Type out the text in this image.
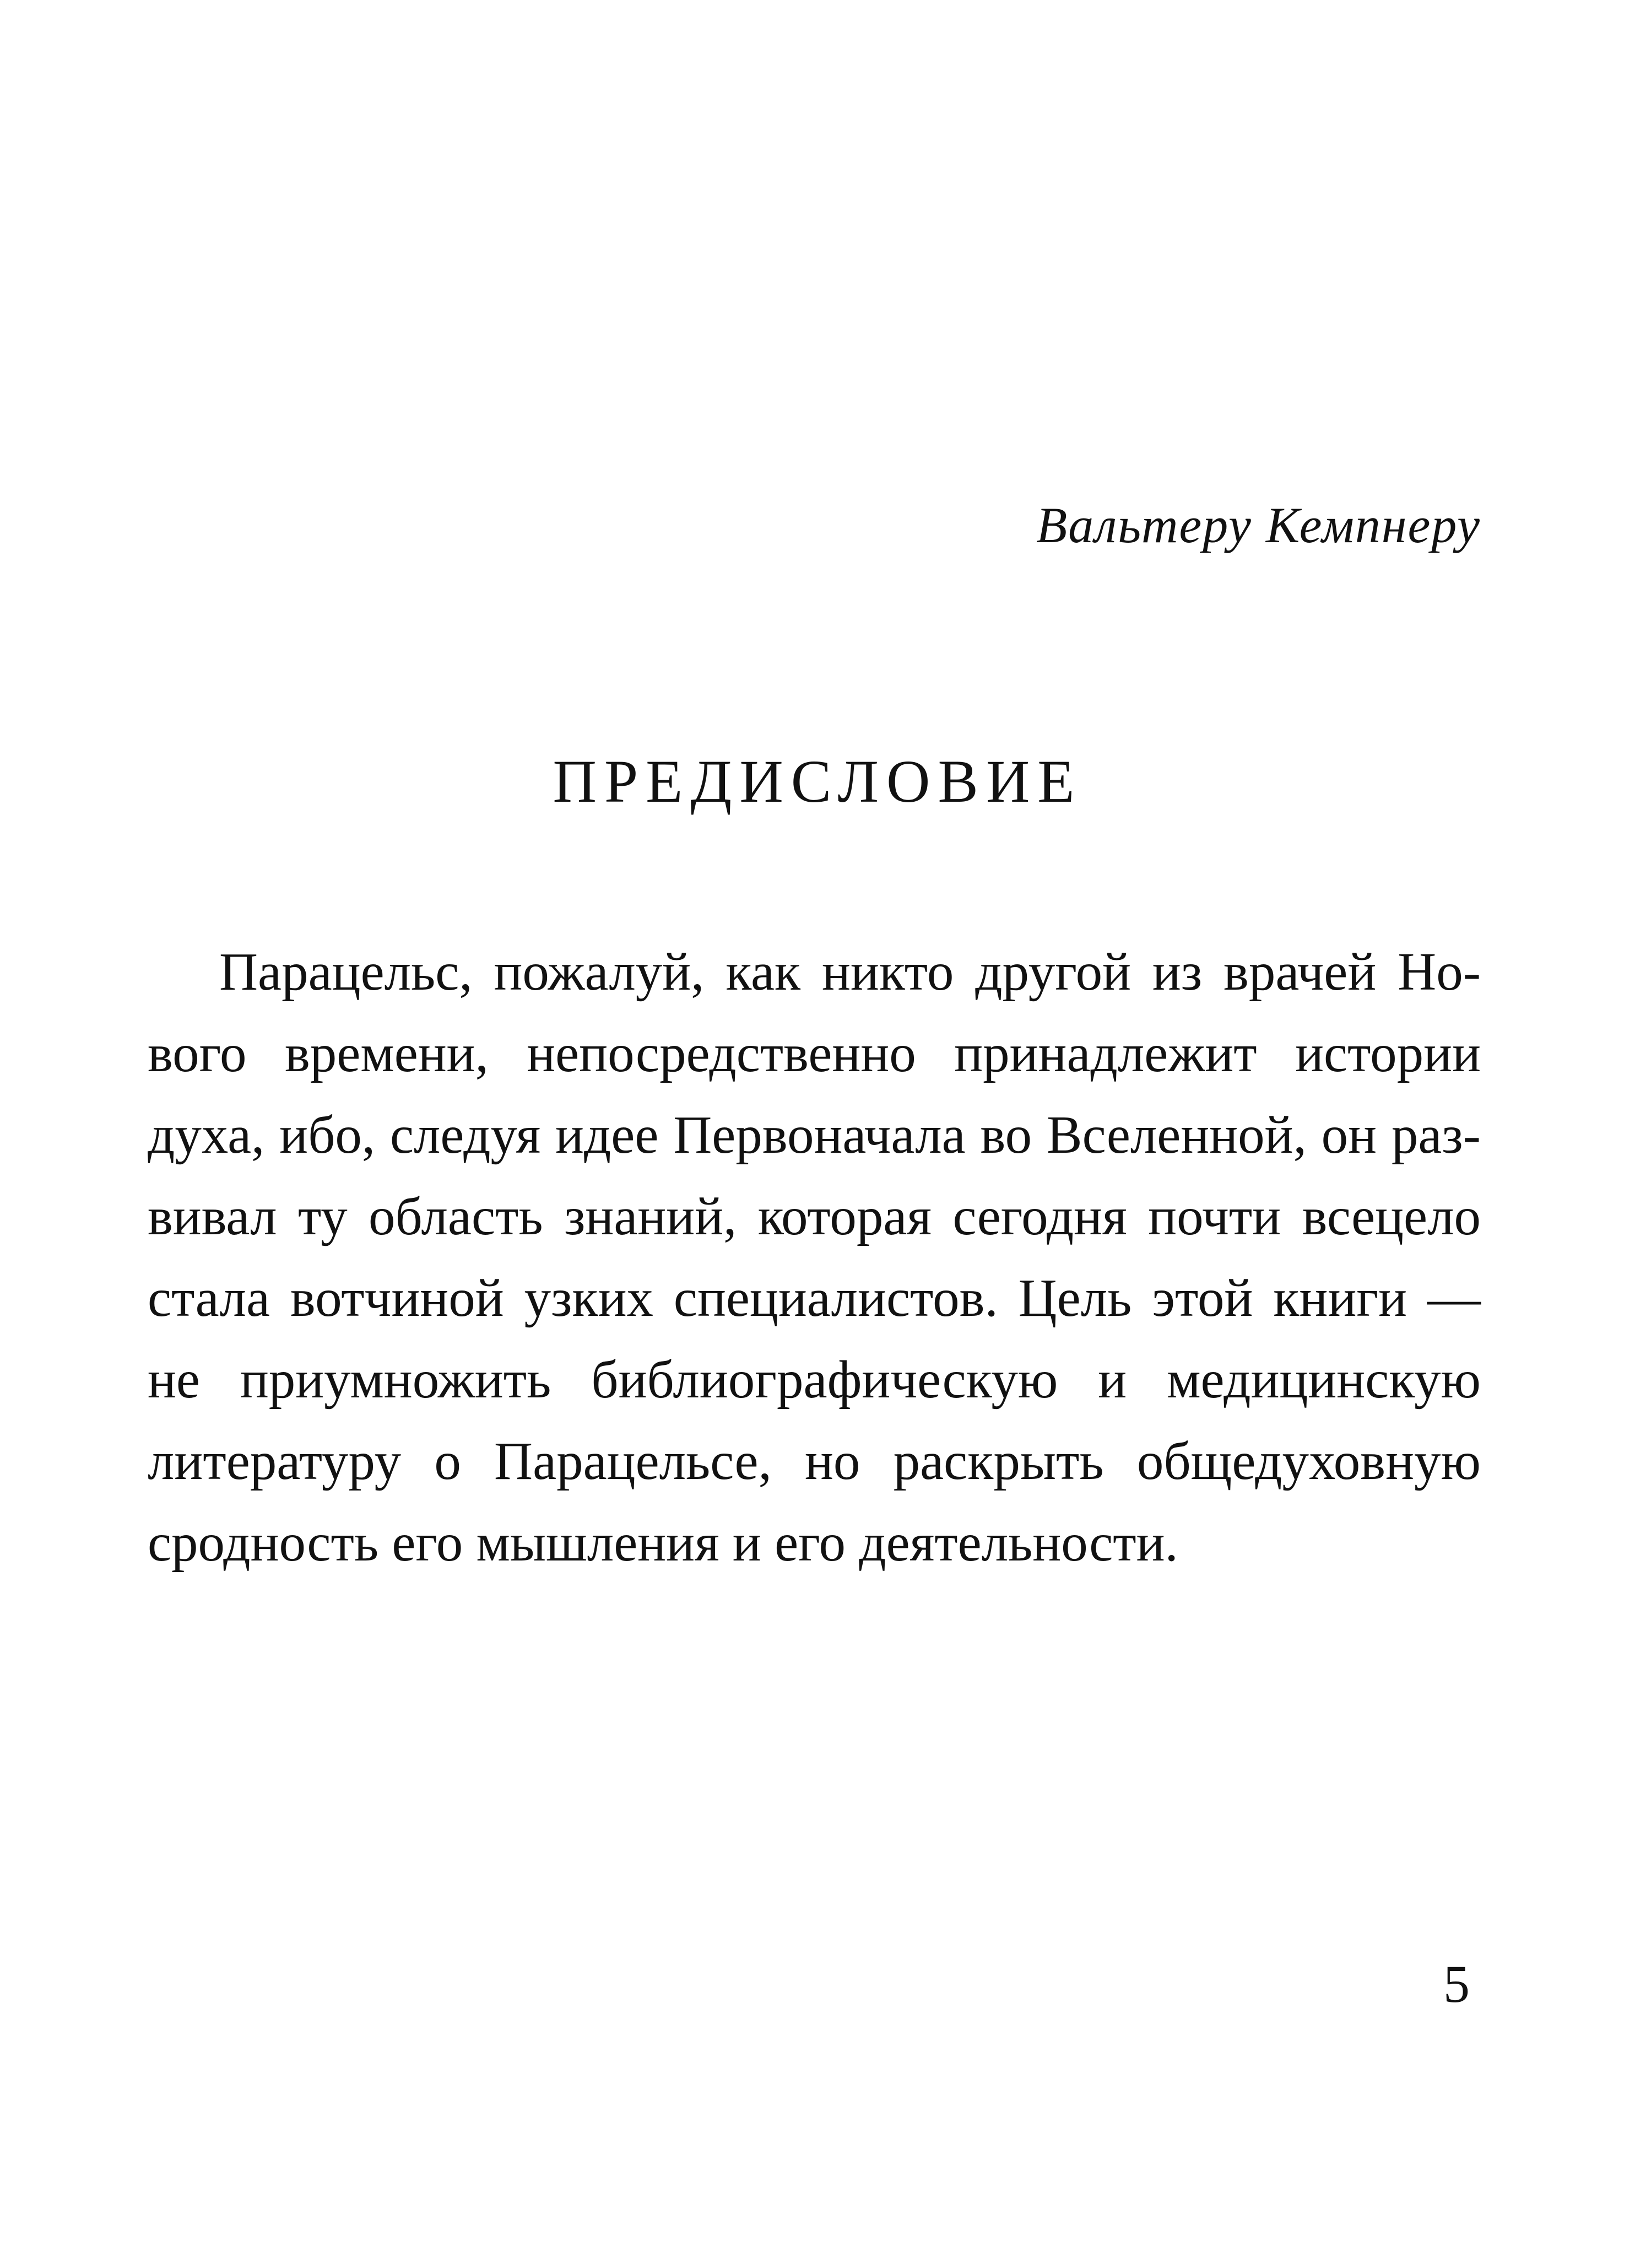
Вальтеру Кемпнеру
ПРЕДИСЛОВИЕ
Парацельс, пожалуй, как никто другой из врачей Но-
вого времени, непосредственно принадлежит истории
духа, ибо, следуя идее Первоначала во Вселенной, он раз-
вивал ту область знаний, которая сегодня почти всецело
стала вотчиной узких специалистов. Цель этой книги —
не приумножить библиографическую и медицинскую
литературу о Парацельсе, но раскрыть общедуховную
сродность его мышления и его деятельности.
5
